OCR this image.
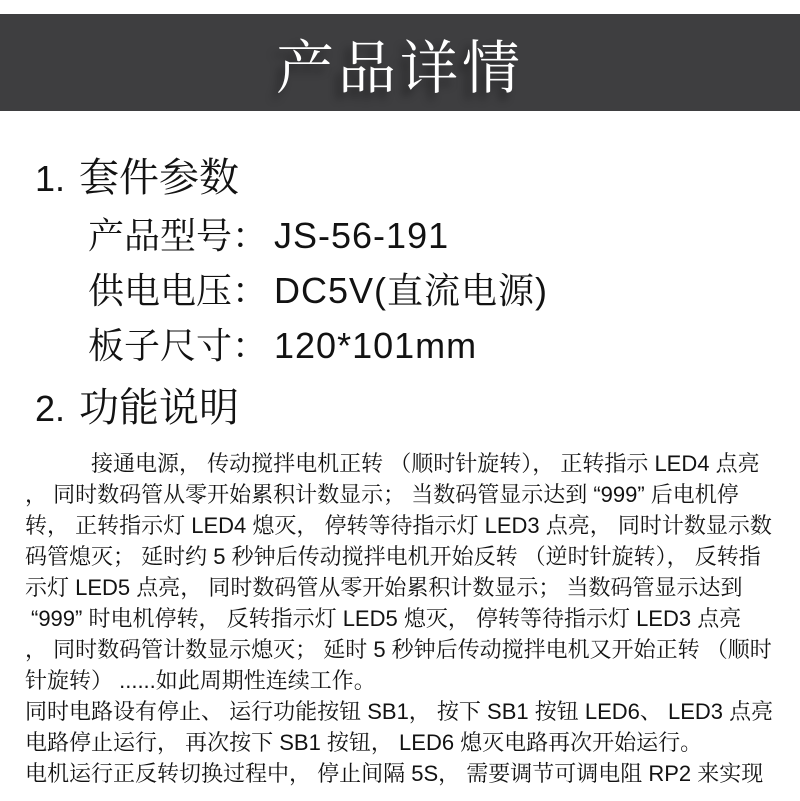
产品详情
1. 套件参数
产品型号： JS-56-191
供电电压： DC5V(直流电源)
板子尺寸： 120*101mm
2. 功能说明
接通电源， 传动搅拌电机正转 （顺时针旋转）， 正转指示 LED4 点亮
， 同时数码管从零开始累积计数显示； 当数码管显示达到 “999” 后电机停
转， 正转指示灯 LED4 熄灭， 停转等待指示灯 LED3 点亮， 同时计数显示数
码管熄灭； 延时约 5 秒钟后传动搅拌电机开始反转 （逆时针旋转）， 反转指
示灯 LED5 点亮， 同时数码管从零开始累积计数显示； 当数码管显示达到
“999” 时电机停转， 反转指示灯 LED5 熄灭， 停转等待指示灯 LED3 点亮
， 同时数码管计数显示熄灭； 延时 5 秒钟后传动搅拌电机又开始正转 （顺时
针旋转） ......如此周期性连续工作。
同时电路设有停止、 运行功能按钮 SB1， 按下 SB1 按钮 LED6、 LED3 点亮
电路停止运行， 再次按下 SB1 按钮， LED6 熄灭电路再次开始运行。
电机运行正反转切换过程中， 停止间隔 5S， 需要调节可调电阻 RP2 来实现
